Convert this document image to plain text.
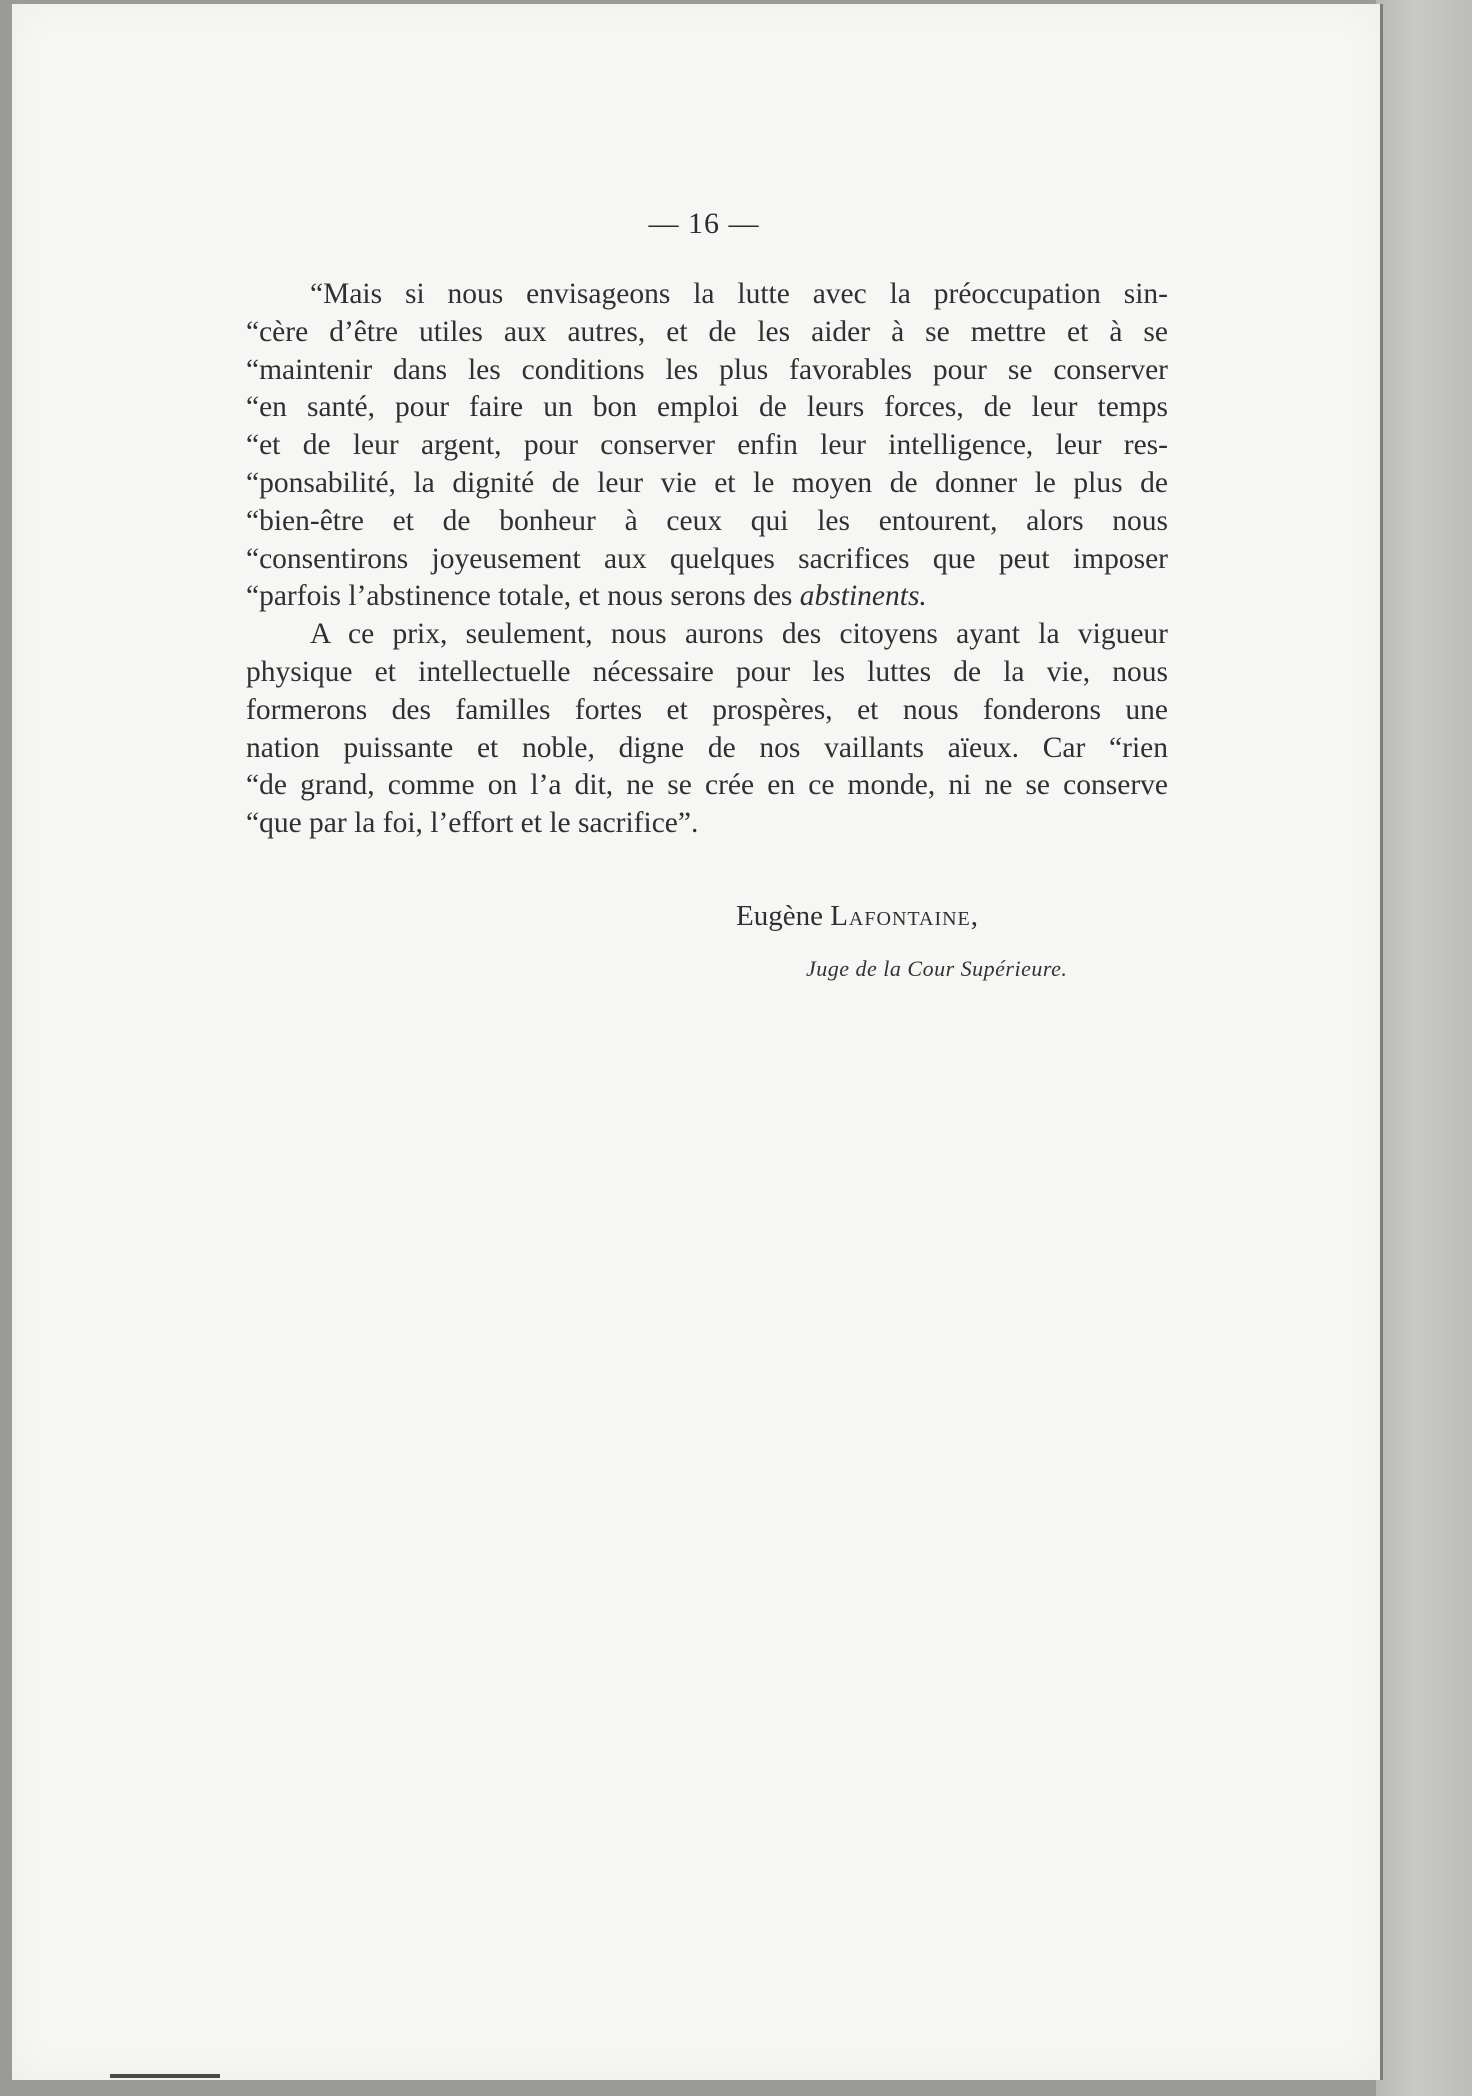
— 16 —
“Mais si nous envisageons la lutte avec la préoccupation sin-
“cère d’être utiles aux autres, et de les aider à se mettre et à se
“maintenir dans les conditions les plus favorables pour se conserver
“en santé, pour faire un bon emploi de leurs forces, de leur temps
“et de leur argent, pour conserver enfin leur intelligence, leur res-
“ponsabilité, la dignité de leur vie et le moyen de donner le plus de
“bien-être et de bonheur à ceux qui les entourent, alors nous
“consentirons joyeusement aux quelques sacrifices que peut imposer
“parfois l’abstinence totale, et nous serons des abstinents.
A ce prix, seulement, nous aurons des citoyens ayant la vigueur
physique et intellectuelle nécessaire pour les luttes de la vie, nous
formerons des familles fortes et prospères, et nous fonderons une
nation puissante et noble, digne de nos vaillants aïeux. Car “rien
“de grand, comme on l’a dit, ne se crée en ce monde, ni ne se conserve
“que par la foi, l’effort et le sacrifice”.
Eugène Lafontaine,
Juge de la Cour Supérieure.
